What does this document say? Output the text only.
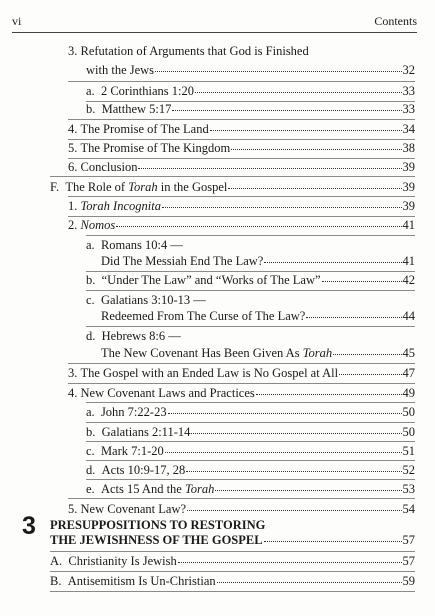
vi	Contents
3. Refutation of Arguments that God is Finished
with the Jews	32
a.
2 Corinthians 1:20	33
b.
Matthew 5:17	33
4.
The Promise of The Land	34
5.
The Promise of The Kingdom	38
6.
Conclusion	39
F.
The Role of Torah in the Gospel	39
1.
Torah Incognita	39
2.
Nomos	41
a. Romans 10:4 —
Did The Messiah End The Law?	41
b.
“Under The Law” and “Works of The Law”	42
c. Galatians 3:10-13 —
Redeemed From The Curse of The Law?	44
d. Hebrews 8:6 —
The New Covenant Has Been Given As Torah	45
3.
The Gospel with an Ended Law is No Gospel at All	47
4.
New Covenant Laws and Practices	49
a.
John 7:22-23	50
b.
Galatians 2:11-14	50
c.
Mark 7:1-20	51
d.
Acts 10:9-17, 28	52
e.
Acts 15 And the Torah	53
5.
New Covenant Law?	54
3 PRESUPPOSITIONS TO RESTORING
THE JEWISHNESS OF THE GOSPEL	57
A.
Christianity Is Jewish	57
B.
Antisemitism Is Un-Christian	59
